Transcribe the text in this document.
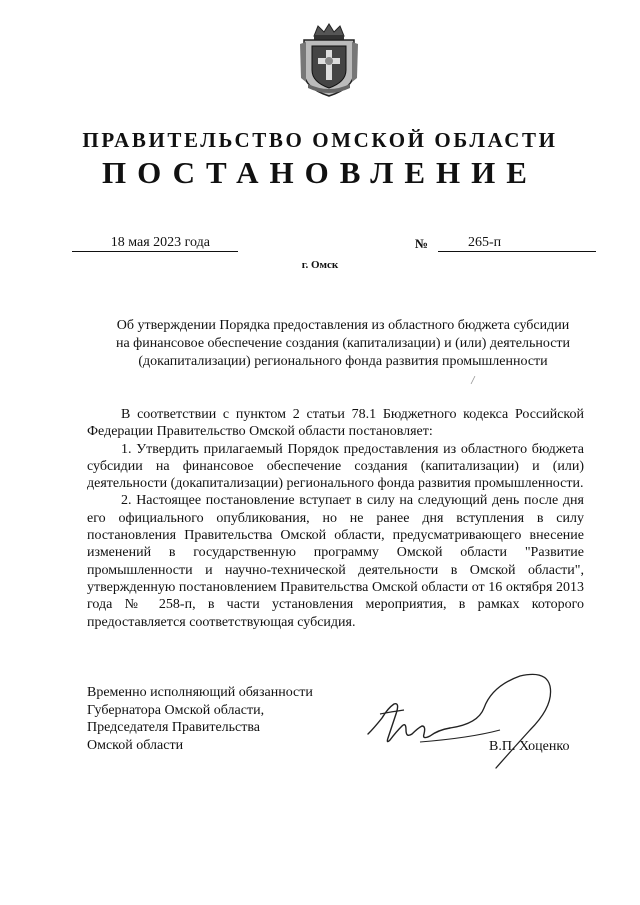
ПРАВИТЕЛЬСТВО ОМСКОЙ ОБЛАСТИ
ПОСТАНОВЛЕНИЕ
18 мая 2023 года	№	265-п
г. Омск
Об утверждении Порядка предоставления из областного бюджета субсидии
на финансовое обеспечение создания (капитализации) и (или) деятельности
(докапитализации) регионального фонда развития промышленности

В соответствии с пунктом 2 статьи 78.1 Бюджетного кодекса Российской Федерации Правительство Омской области постановляет:

1. Утвердить прилагаемый Порядок предоставления из областного бюджета субсидии на финансовое обеспечение создания (капитализации) и (или) деятельности (докапитализации) регионального фонда развития промышленности.

2. Настоящее постановление вступает в силу на следующий день после дня его официального опубликования, но не ранее дня вступления в силу постановления Правительства Омской области, предусматривающего внесение изменений в государственную программу Омской области "Развитие промышленности и научно-технической деятельности в Омской области", утвержденную постановлением Правительства Омской области от 16 октября 2013 года № 258-п, в части установления мероприятия, в рамках которого предоставляется соответствующая субсидия.

Временно исполняющий обязанности
Губернатора Омской области,
Председателя Правительства
Омской области	В.П. Хоценко
